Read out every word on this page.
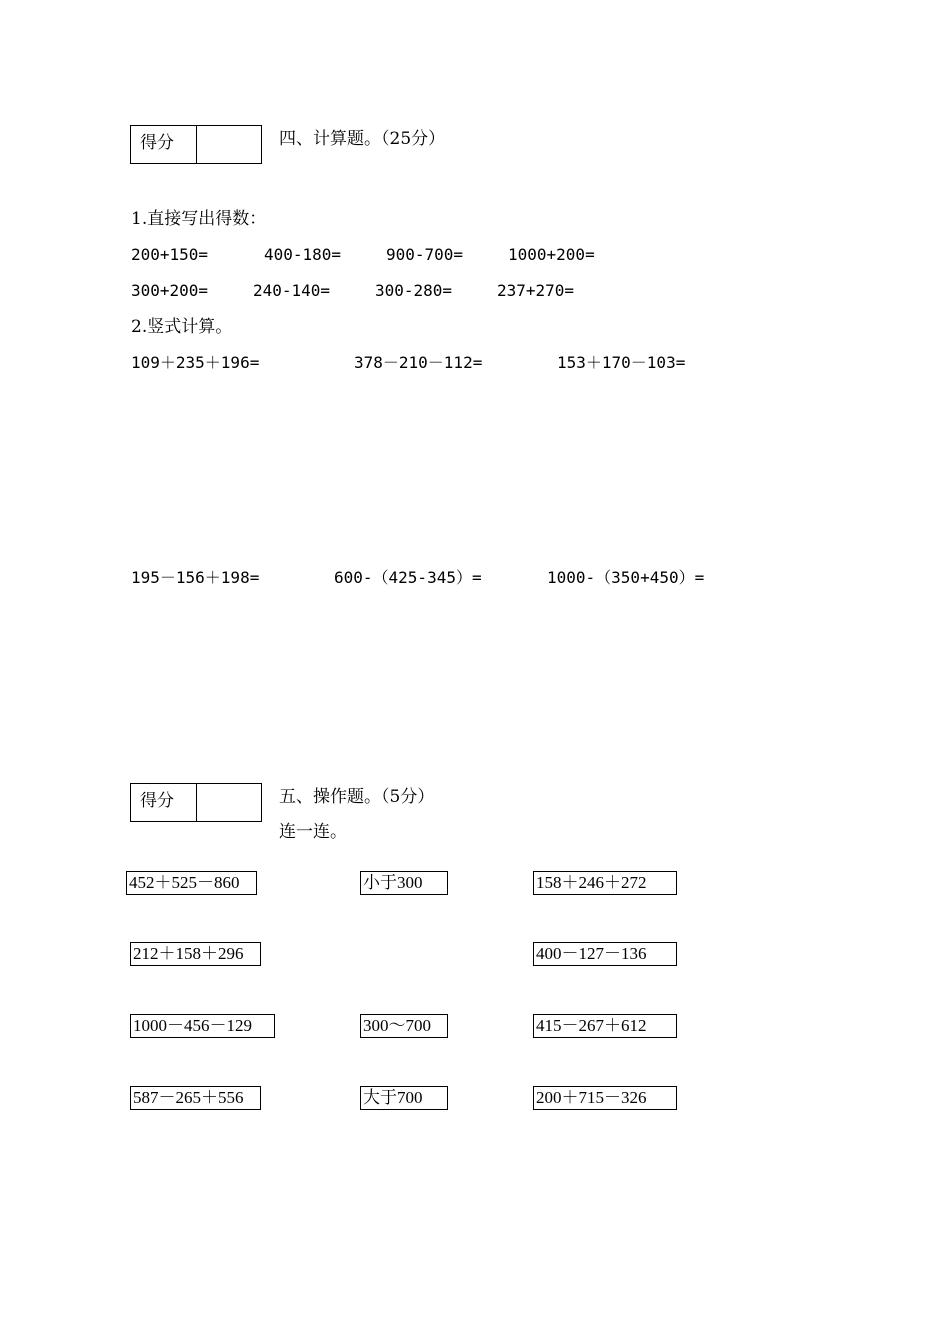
得分	四、计算题。（25分）
1.直接写出得数：
200+150=	400-180=	900-700=	1000+200=
300+200=	240-140=	300-280=	237+270=
2.竖式计算。
109＋235＋196=	378－210－112=	153＋170－103=
195－156＋198=	600-（425-345）=	1000-（350+450）=
得分	五、操作题。（5分）
连一连。
452＋525－860
212＋158＋296
1000－456－129
587－265＋556
小于300
300～700
大于700
158＋246＋272
400－127－136
415－267＋612
200＋715－326
